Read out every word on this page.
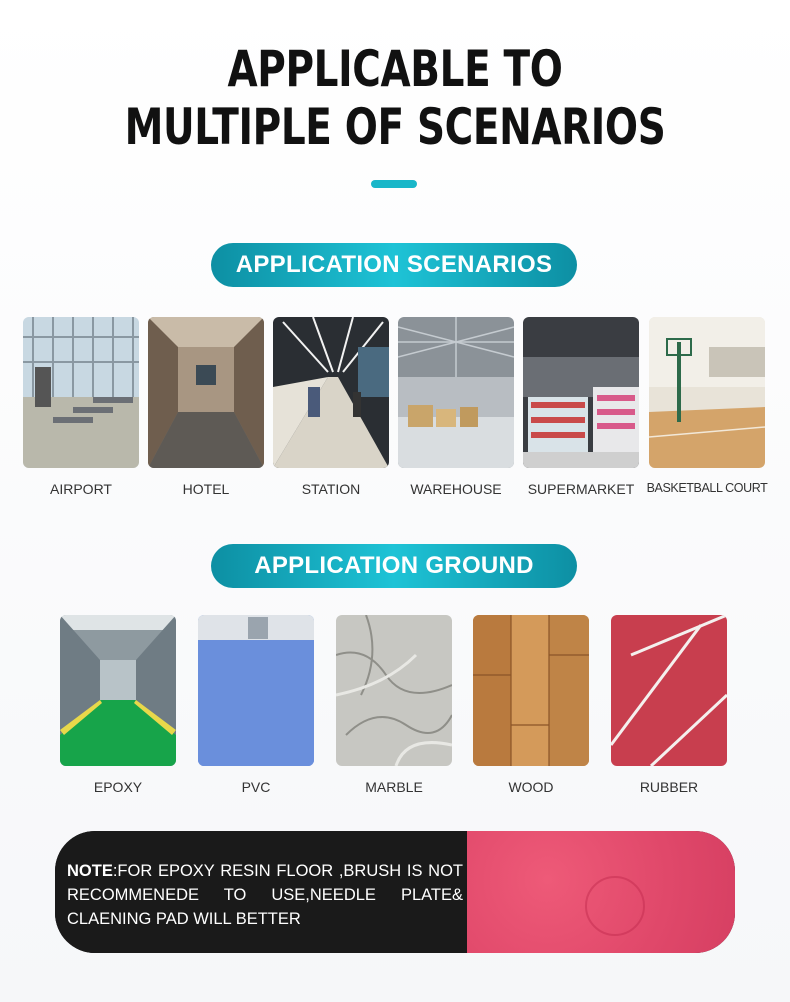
APPLICABLE TO
MULTIPLE OF SCENARIOS
APPLICATION SCENARIOS
AIRPORT	HOTEL	STATION	WAREHOUSE	SUPERMARKET BASKETBALL COURT
APPLICATION GROUND
EPOXY	PVC	MARBLE	WOOD	RUBBER
NOTE:FOR EPOXY RESIN FLOOR ,BRUSH IS NOT RECOMMENEDE TO USE,NEEDLE PLATE& CLAENING PAD WILL BETTER
